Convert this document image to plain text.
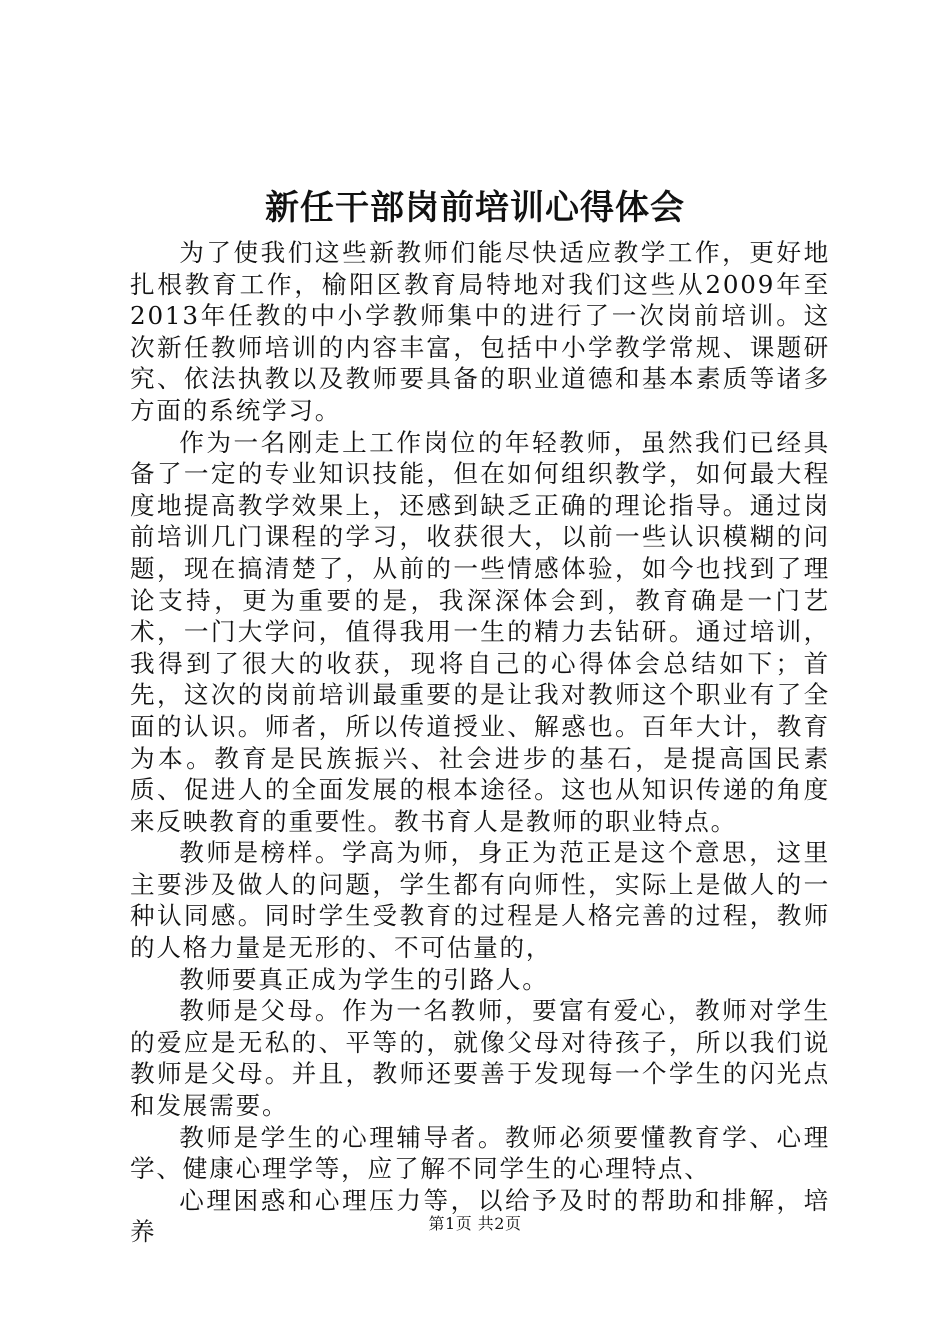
新任干部岗前培训心得体会

为了使我们这些新教师们能尽快适应教学工作，更好地扎根教育工作，榆阳区教育局特地对我们这些从2009年至2013年任教的中小学教师集中的进行了一次岗前培训。这次新任教师培训的内容丰富，包括中小学教学常规、课题研究、依法执教以及教师要具备的职业道德和基本素质等诸多方面的系统学习。

作为一名刚走上工作岗位的年轻教师，虽然我们已经具备了一定的专业知识技能，但在如何组织教学，如何最大程度地提高教学效果上，还感到缺乏正确的理论指导。通过岗前培训几门课程的学习，收获很大，以前一些认识模糊的问题，现在搞清楚了，从前的一些情感体验，如今也找到了理论支持，更为重要的是，我深深体会到，教育确是一门艺术，一门大学问，值得我用一生的精力去钻研。通过培训，我得到了很大的收获，现将自己的心得体会总结如下；首先，这次的岗前培训最重要的是让我对教师这个职业有了全面的认识。师者，所以传道授业、解惑也。百年大计，教育为本。教育是民族振兴、社会进步的基石，是提高国民素质、促进人的全面发展的根本途径。这也从知识传递的角度来反映教育的重要性。教书育人是教师的职业特点。

教师是榜样。学高为师，身正为范正是这个意思，这里主要涉及做人的问题，学生都有向师性，实际上是做人的一种认同感。同时学生受教育的过程是人格完善的过程，教师的人格力量是无形的、不可估量的，

教师要真正成为学生的引路人。

教师是父母。作为一名教师，要富有爱心，教师对学生的爱应是无私的、平等的，就像父母对待孩子，所以我们说教师是父母。并且，教师还要善于发现每一个学生的闪光点和发展需要。

教师是学生的心理辅导者。教师必须要懂教育学、心理学、健康心理学等，应了解不同学生的心理特点、

心理困惑和心理压力等，以给予及时的帮助和排解，培养	第1页 共2页
